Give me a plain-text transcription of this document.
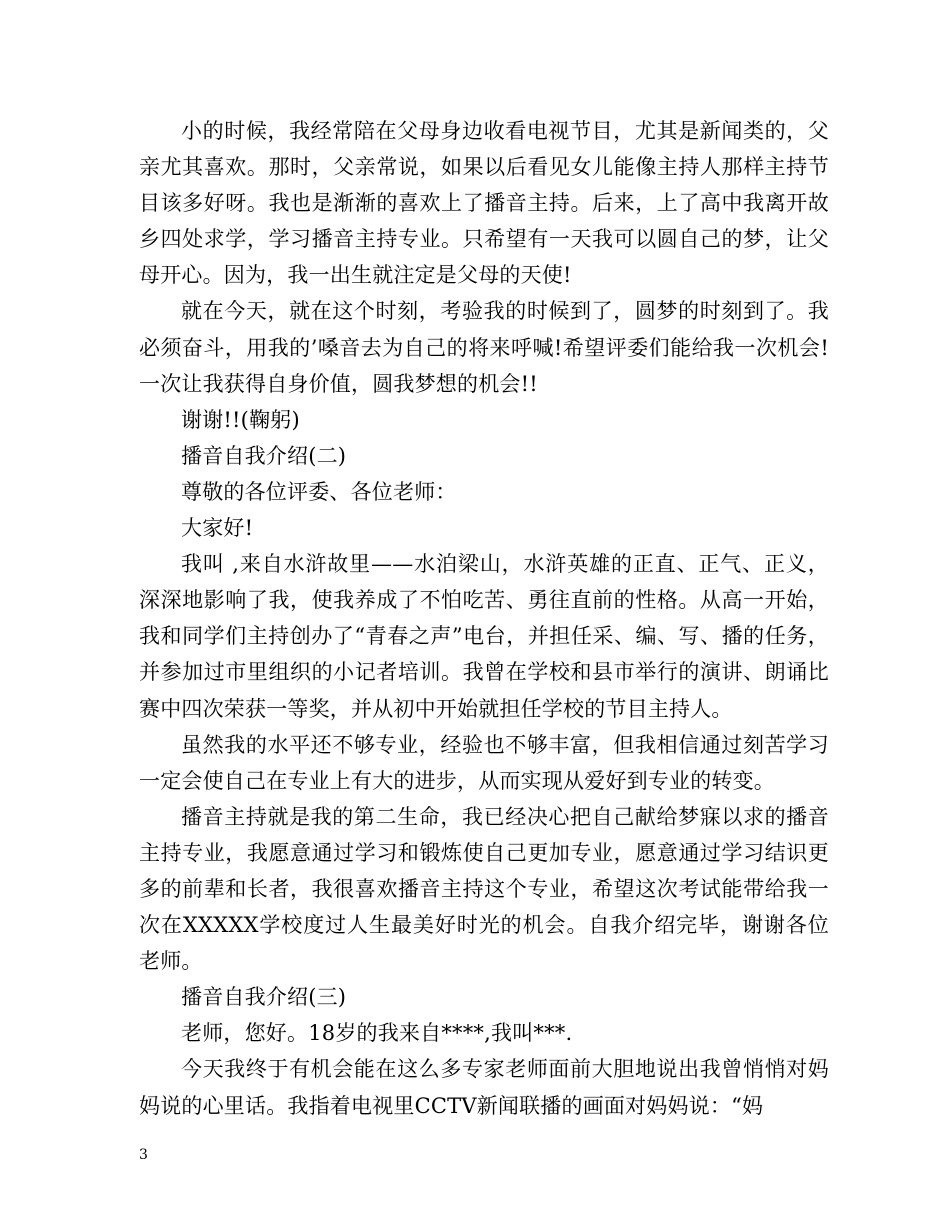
小的时候，我经常陪在父母身边收看电视节目，尤其是新闻类的，父亲尤其喜欢。那时，父亲常说，如果以后看见女儿能像主持人那样主持节目该多好呀。我也是渐渐的喜欢上了播音主持。后来，上了高中我离开故乡四处求学，学习播音主持专业。只希望有一天我可以圆自己的梦，让父母开心。因为，我一出生就注定是父母的天使!

就在今天，就在这个时刻，考验我的时候到了，圆梦的时刻到了。我必须奋斗，用我的’嗓音去为自己的将来呼喊!希望评委们能给我一次机会!一次让我获得自身价值，圆我梦想的机会!!

谢谢!!(鞠躬)

播音自我介绍(二)

尊敬的各位评委、各位老师：

大家好!

我叫 ,来自水浒故里——水泊梁山，水浒英雄的正直、正气、正义，深深地影响了我，使我养成了不怕吃苦、勇往直前的性格。从高一开始，我和同学们主持创办了“青春之声”电台，并担任采、编、写、播的任务，并参加过市里组织的小记者培训。我曾在学校和县市举行的演讲、朗诵比赛中四次荣获一等奖，并从初中开始就担任学校的节目主持人。

虽然我的水平还不够专业，经验也不够丰富，但我相信通过刻苦学习一定会使自己在专业上有大的进步，从而实现从爱好到专业的转变。

播音主持就是我的第二生命，我已经决心把自己献给梦寐以求的播音主持专业，我愿意通过学习和锻炼使自己更加专业，愿意通过学习结识更多的前辈和长者，我很喜欢播音主持这个专业，希望这次考试能带给我一次在XXXXX学校度过人生最美好时光的机会。自我介绍完毕，谢谢各位老师。

播音自我介绍(三)

老师，您好。18岁的我来自****,我叫***.

今天我终于有机会能在这么多专家老师面前大胆地说出我曾悄悄对妈妈说的心里话。我指着电视里CCTV新闻联播的画面对妈妈说：“妈

3
